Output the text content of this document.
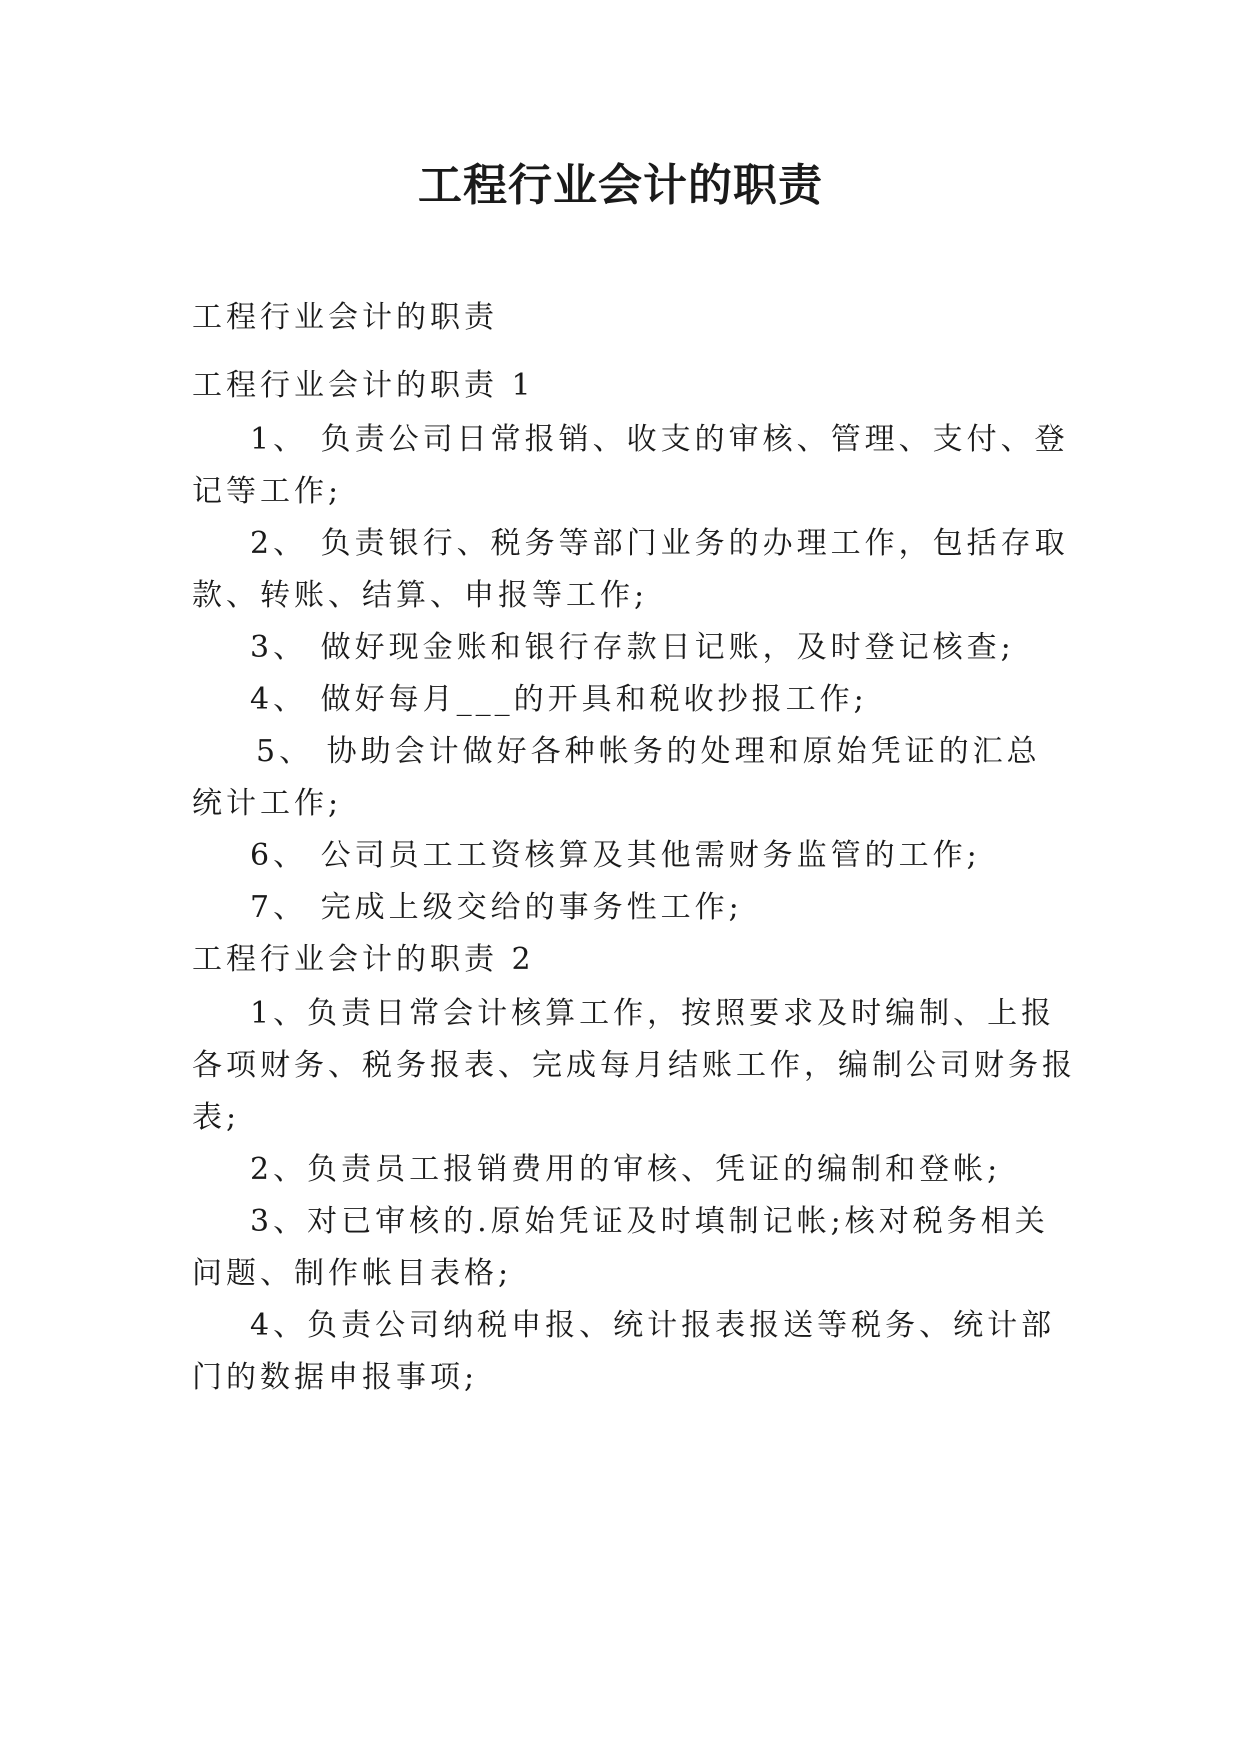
工程行业会计的职责
工程行业会计的职责
工程行业会计的职责 1
1、 负责公司日常报销、收支的审核、管理、支付、登
记等工作;
2、 负责银行、税务等部门业务的办理工作，包括存取
款、转账、结算、申报等工作;
3、 做好现金账和银行存款日记账，及时登记核查;
4、 做好每月___的开具和税收抄报工作;
5、 协助会计做好各种帐务的处理和原始凭证的汇总
统计工作;
6、 公司员工工资核算及其他需财务监管的工作;
7、 完成上级交给的事务性工作;
工程行业会计的职责 2
1、负责日常会计核算工作，按照要求及时编制、上报
各项财务、税务报表、完成每月结账工作，编制公司财务报
表;
2、负责员工报销费用的审核、凭证的编制和登帐;
3、对已审核的.原始凭证及时填制记帐;核对税务相关
问题、制作帐目表格;
4、负责公司纳税申报、统计报表报送等税务、统计部
门的数据申报事项;
